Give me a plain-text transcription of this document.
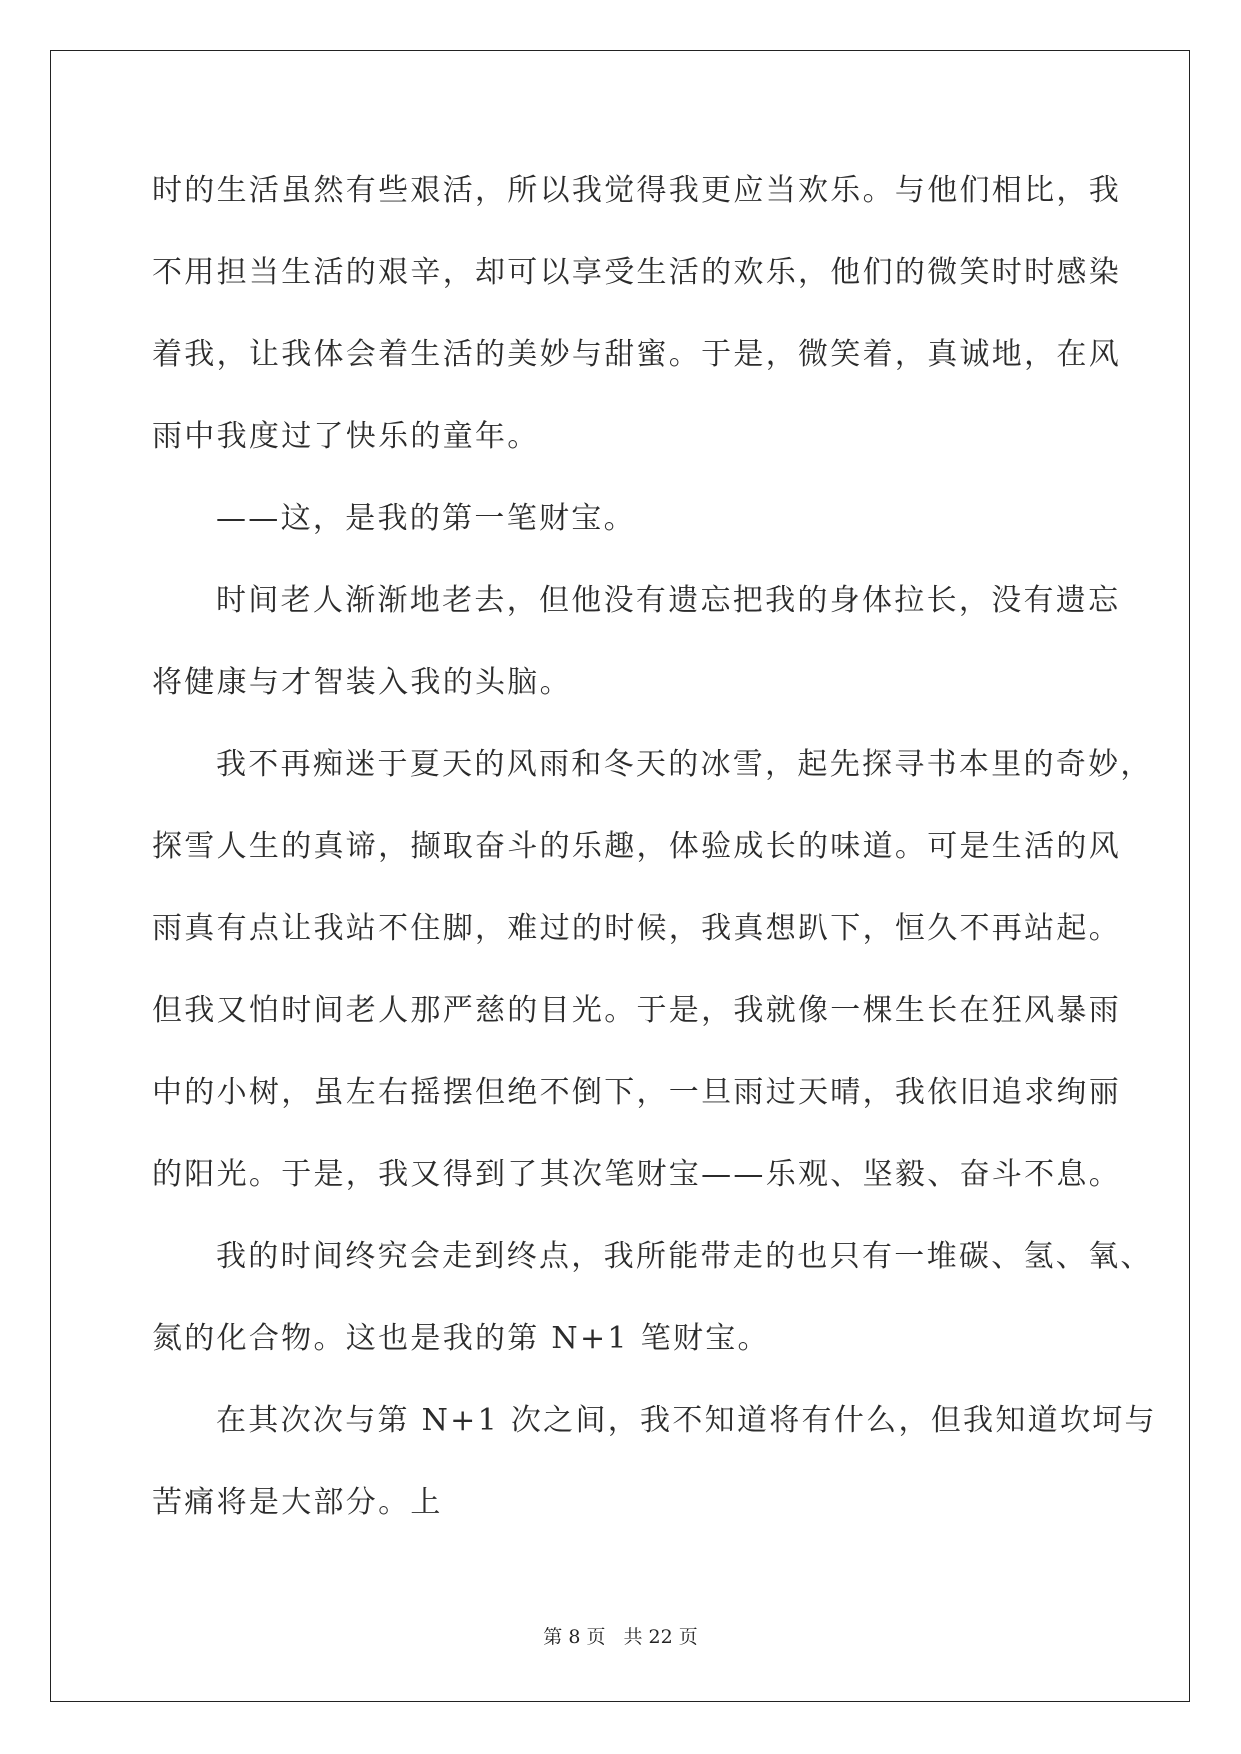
时的生活虽然有些艰活，所以我觉得我更应当欢乐。与他们相比，我
不用担当生活的艰辛，却可以享受生活的欢乐，他们的微笑时时感染
着我，让我体会着生活的美妙与甜蜜。于是，微笑着，真诚地，在风
雨中我度过了快乐的童年。
——这，是我的第一笔财宝。
时间老人渐渐地老去，但他没有遗忘把我的身体拉长，没有遗忘
将健康与才智装入我的头脑。
我不再痴迷于夏天的风雨和冬天的冰雪，起先探寻书本里的奇妙，
探雪人生的真谛，撷取奋斗的乐趣，体验成长的味道。可是生活的风
雨真有点让我站不住脚，难过的时候，我真想趴下，恒久不再站起。
但我又怕时间老人那严慈的目光。于是，我就像一棵生长在狂风暴雨
中的小树，虽左右摇摆但绝不倒下，一旦雨过天晴，我依旧追求绚丽
的阳光。于是，我又得到了其次笔财宝——乐观、坚毅、奋斗不息。
我的时间终究会走到终点，我所能带走的也只有一堆碳、氢、氧、
氮的化合物。这也是我的第 N+1 笔财宝。
在其次次与第 N+1 次之间，我不知道将有什么，但我知道坎坷与
苦痛将是大部分。上
第 8 页 共 22 页
